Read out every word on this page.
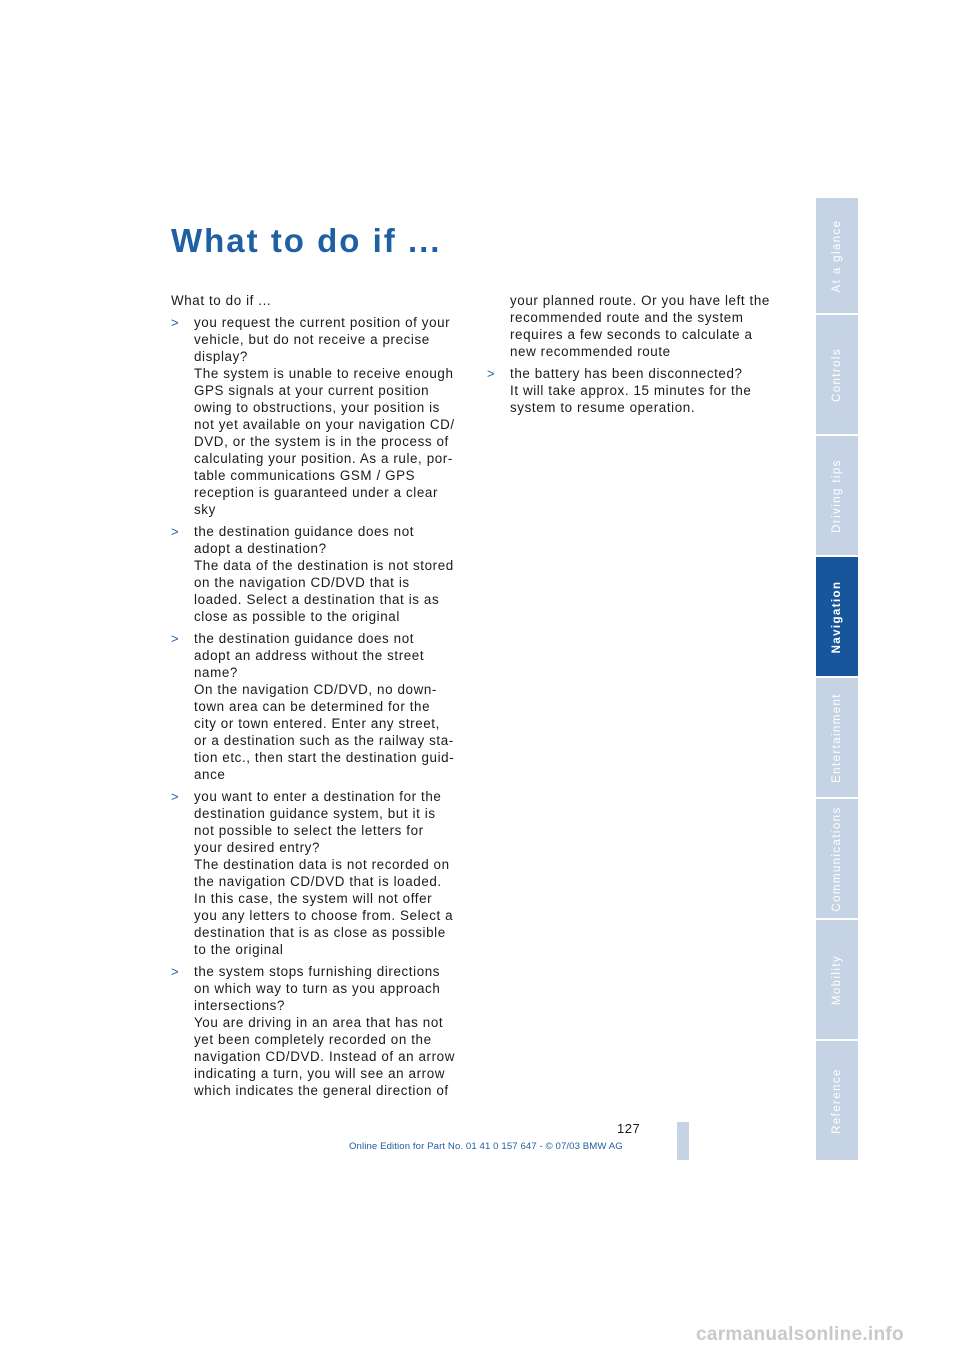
What to do if ...

What to do if ...

> you request the current position of your
vehicle, but do not receive a precise
display?
The system is unable to receive enough
GPS signals at your current position
owing to obstructions, your position is
not yet available on your navigation CD/
DVD, or the system is in the process of
calculating your position. As a rule, por-
table communications GSM / GPS
reception is guaranteed under a clear
sky
> the destination guidance does not
adopt a destination?
The data of the destination is not stored
on the navigation CD/DVD that is
loaded. Select a destination that is as
close as possible to the original
> the destination guidance does not
adopt an address without the street
name?
On the navigation CD/DVD, no down-
town area can be determined for the
city or town entered. Enter any street,
or a destination such as the railway sta-
tion etc., then start the destination guid-
ance
> you want to enter a destination for the
destination guidance system, but it is
not possible to select the letters for
your desired entry?
The destination data is not recorded on
the navigation CD/DVD that is loaded.
In this case, the system will not offer
you any letters to choose from. Select a
destination that is as close as possible
to the original
> the system stops furnishing directions
on which way to turn as you approach
intersections?
You are driving in an area that has not
yet been completely recorded on the
navigation CD/DVD. Instead of an arrow
indicating a turn, you will see an arrow
which indicates the general direction of
your planned route. Or you have left the
recommended route and the system
requires a few seconds to calculate a
new recommended route
> the battery has been disconnected?
It will take approx. 15 minutes for the
system to resume operation.
At a glance
Controls
Driving tips
Navigation
Entertainment
Communications
Mobility
Reference
127
Online Edition for Part No. 01 41 0 157 647 - © 07/03 BMW AG
carmanualsonline.info
